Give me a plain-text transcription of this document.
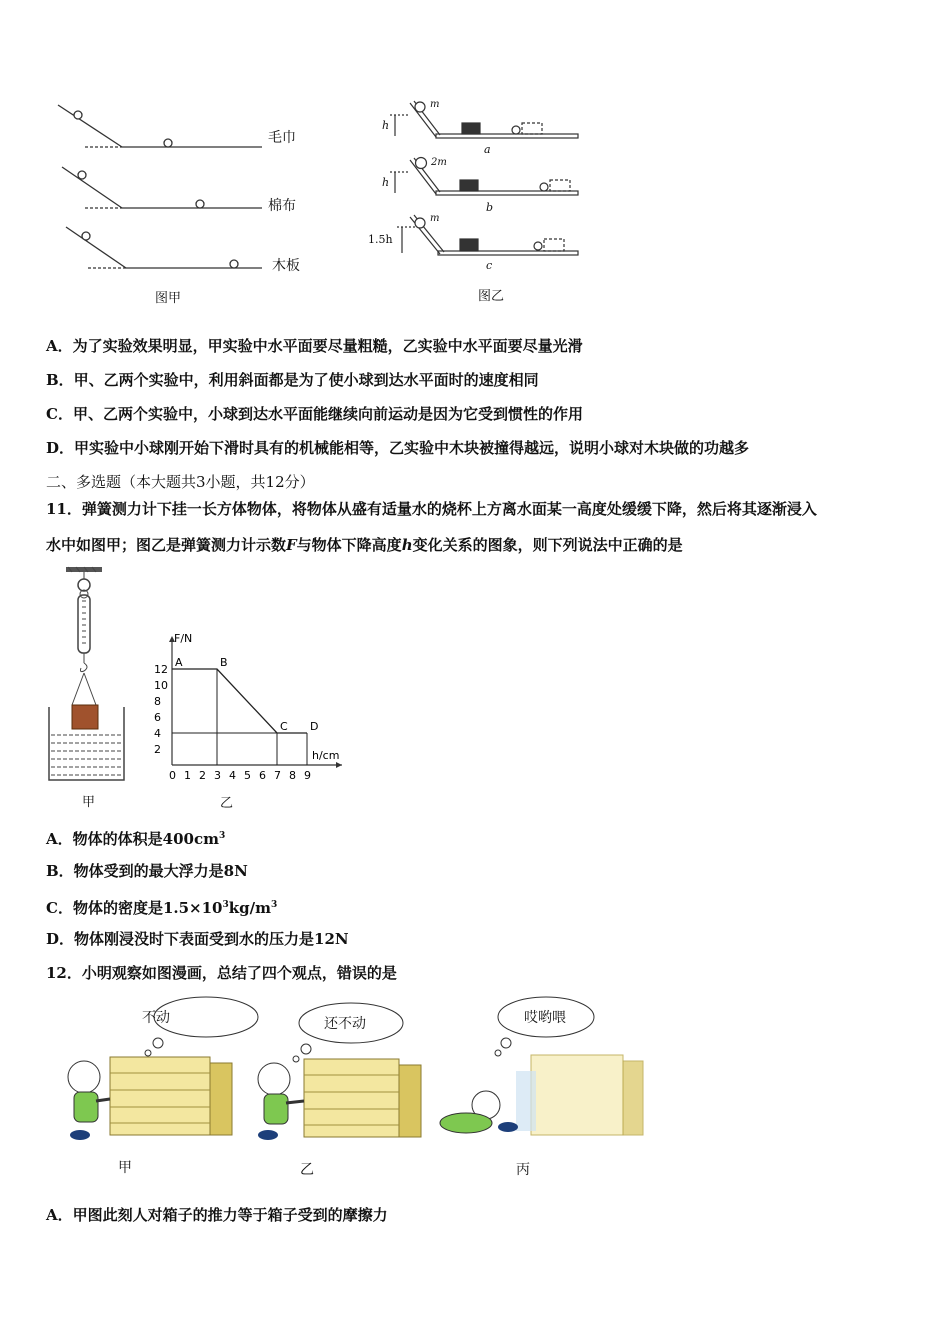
毛巾
棉布
木板
图甲
m
h
a
2m
h
b
m
1.5h
c
图乙
A．为了实验效果明显，甲实验中水平面要尽量粗糙，乙实验中水平面要尽量光滑
B．甲、乙两个实验中，利用斜面都是为了使小球到达水平面时的速度相同
C．甲、乙两个实验中，小球到达水平面能继续向前运动是因为它受到惯性的作用
D．甲实验中小球刚开始下滑时具有的机械能相等，乙实验中木块被撞得越远，说明小球对木块做的功越多
二、多选题（本大题共3小题，共12分）
11．弹簧测力计下挂一长方体物体，将物体从盛有适量水的烧杯上方离水面某一高度处缓缓下降，然后将其逐渐浸入
水中如图甲；图乙是弹簧测力计示数F与物体下降高度h变化关系的图象，则下列说法中正确的是
甲
F/N
h/cm
0 1 2 3 4 5 6 7 8 9
2
4
6
8
10
12
A	B
C D
乙
A．物体的体积是$400cm^3$
B．物体受到的最大浮力是8N
C．物体的密度是$1.5\times 10^3kg/m^3$
D．物体刚浸没时下表面受到水的压力是12N
12．小明观察如图漫画，总结了四个观点，错误的是
不动	还不动	哎哟喂
甲	乙	丙
A．甲图此刻人对箱子的推力等于箱子受到的摩擦力
